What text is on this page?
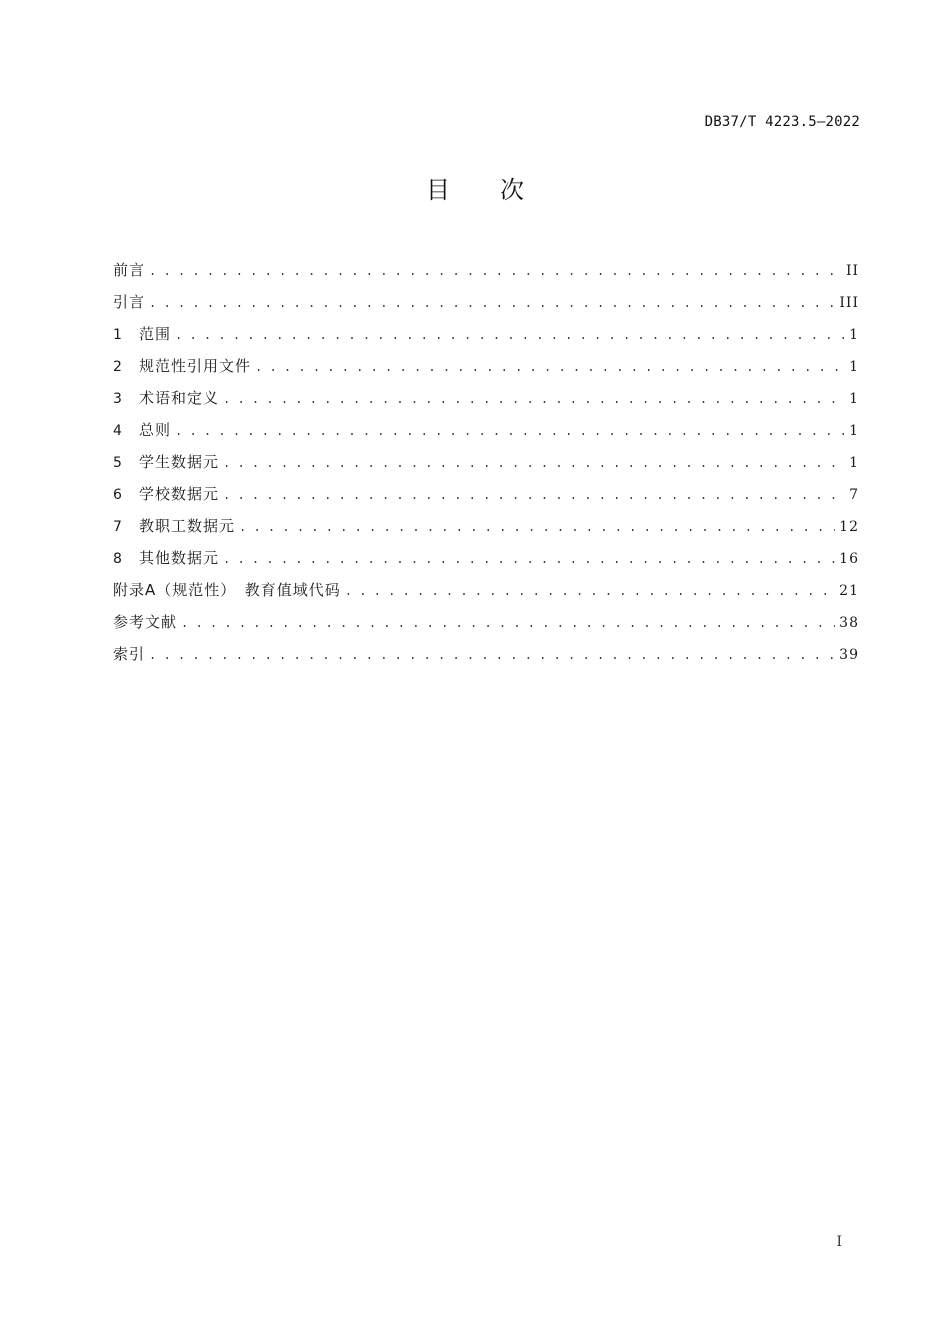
DB37/T 4223.5—2022
目次
前言 . . .	II
引言 . . .	III
1	范围 . . .	1
2	规范性引用文件 . . .	1
3	术语和定义 . . .	1
4	总则 . . .	1
5	学生数据元 . . .	1
6	学校数据元 . . .	7
7	教职工数据元 . . .	12
8	其他数据元 . . .	16
附录A（规范性）　教育值域代码 . . .	21
参考文献 . . .	38
索引 . . .	39
I
